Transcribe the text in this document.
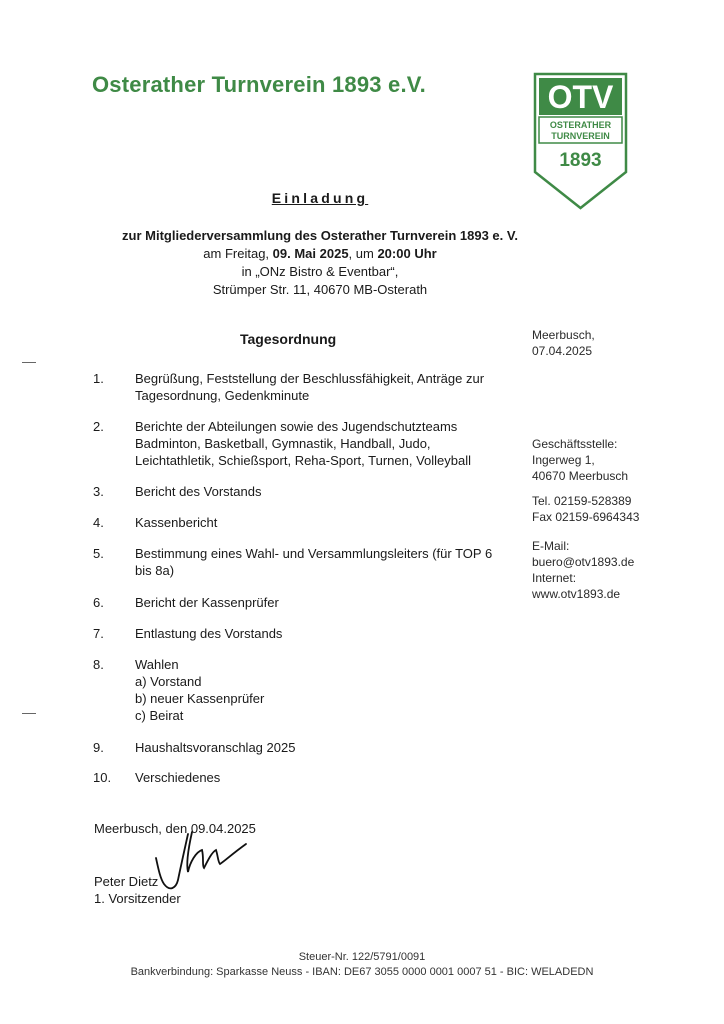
Osterather Turnverein 1893 e.V.	OTV
OSTERATHER
TURNVEREIN
1893
Einladung
zur Mitgliederversammlung des Osterather Turnverein 1893 e. V.
am Freitag, 09. Mai 2025, um 20:00 Uhr
in „ONz Bistro & Eventbar“,
Strümper Str. 11, 40670 MB-Osterath
Tagesordnung
1. Begrüßung, Feststellung der Beschlussfähigkeit, Anträge zur
Tagesordnung, Gedenkminute
2. Berichte der Abteilungen sowie des Jugendschutzteams
Badminton, Basketball, Gymnastik, Handball, Judo,
Leichtathletik, Schießsport, Reha-Sport, Turnen, Volleyball
3. Bericht des Vorstands
4. Kassenbericht
5. Bestimmung eines Wahl- und Versammlungsleiters (für TOP 6
bis 8a)
6. Bericht der Kassenprüfer
7. Entlastung des Vorstands
8. Wahlen
a) Vorstand
b) neuer Kassenprüfer
c) Beirat
9. Haushaltsvoranschlag 2025
10. Verschiedenes
Meerbusch,
07.04.2025
Geschäftsstelle:
Ingerweg 1,
40670 Meerbusch
Tel. 02159-528389
Fax 02159-6964343
E-Mail:
buero@otv1893.de
Internet:
www.otv1893.de
Meerbusch, den 09.04.2025
Peter Dietz
1. Vorsitzender
Steuer-Nr. 122/5791/0091
Bankverbindung: Sparkasse Neuss - IBAN: DE67 3055 0000 0001 0007 51 - BIC: WELADEDN
